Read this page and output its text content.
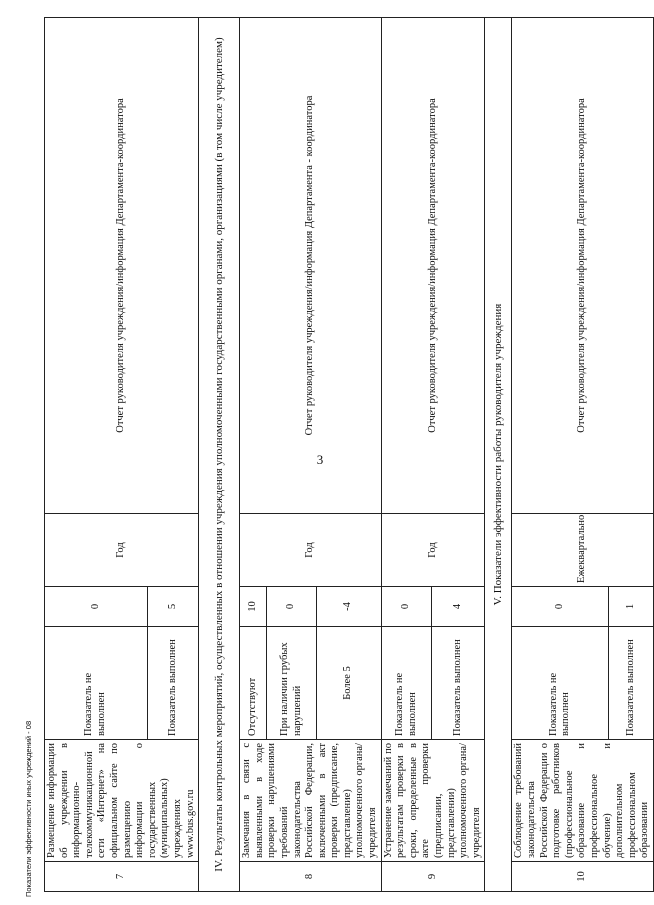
3
Показатели эффективности иных учреждений - 08	7	Размещение информации об учреждении в информационно-телекоммуникационной сети «Интернет» на официальном сайте по размещению информации о государственных (муниципальных) учреждениях www.bus.gov.ru	Показатель не выполнен	0	Год	Отчет руководителя учреждения/информация Департамента-координатора
		Показатель выполнен	5		
IV. Результаты контрольных мероприятий, осуществленных в отношении учреждения уполномоченными государственными органами, организациями (в том числе учредителем)					
8	Замечания в связи с выявленными в ходе проверки нарушениями требований законодательства Российской Федерации, включенными в акт проверки (предписание, представление) уполномоченного органа/учредителя	Отсутствуют	10	Год	Отчет руководителя учреждения/информация Департамента - координатора
		При наличии грубых нарушений	0		
		Более 5	-4		
9	Устранение замечаний по результатам проверки в сроки, определенные в акте проверки (предписании, представлении) уполномоченного органа/учредителя	Показатель не выполнен	0	Год	Отчет руководителя учреждения/информация Департамента-координатора
		Показатель выполнен	4		
V. Показатели эффективности работы руководителя учреждения					
10	Соблюдение требований законодательства Российской Федерации о подготовке работников (профессиональное образование и профессиональное обучение) и дополнительном профессиональном образовании	Показатель не выполнен	0	Ежеквартально	Отчет руководителя учреждения/информация Департамента-координатора
		Показатель выполнен	1		
